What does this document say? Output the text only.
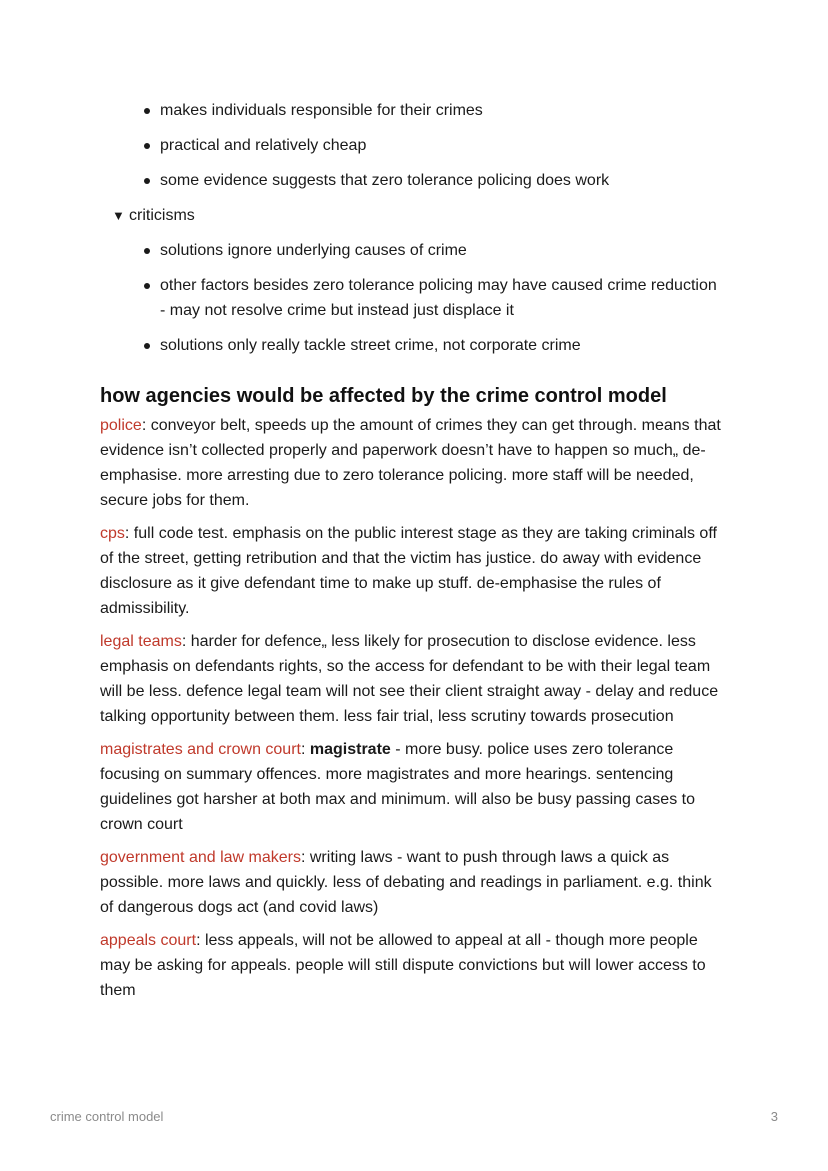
makes individuals responsible for their crimes
practical and relatively cheap
some evidence suggests that zero tolerance policing does work
▼ criticisms
solutions ignore underlying causes of crime
other factors besides zero tolerance policing may have caused crime reduction - may not resolve crime but instead just displace it
solutions only really tackle street crime, not corporate crime
how agencies would be affected by the crime control model

police: conveyor belt, speeds up the amount of crimes they can get through. means that evidence isn’t collected properly and paperwork doesn’t have to happen so much„ de-emphasise. more arresting due to zero tolerance policing. more staff will be needed, secure jobs for them.

cps: full code test. emphasis on the public interest stage as they are taking criminals off of the street, getting retribution and that the victim has justice. do away with evidence disclosure as it give defendant time to make up stuff. de-emphasise the rules of admissibility.

legal teams: harder for defence„ less likely for prosecution to disclose evidence. less emphasis on defendants rights, so the access for defendant to be with their legal team will be less. defence legal team will not see their client straight away - delay and reduce talking opportunity between them. less fair trial, less scrutiny towards prosecution

magistrates and crown court: magistrate - more busy. police uses zero tolerance focusing on summary offences. more magistrates and more hearings. sentencing guidelines got harsher at both max and minimum. will also be busy passing cases to crown court

government and law makers: writing laws - want to push through laws a quick as possible. more laws and quickly. less of debating and readings in parliament. e.g. think of dangerous dogs act (and covid laws)

appeals court: less appeals, will not be allowed to appeal at all - though more people may be asking for appeals. people will still dispute convictions but will lower access to them

crime control model	3
